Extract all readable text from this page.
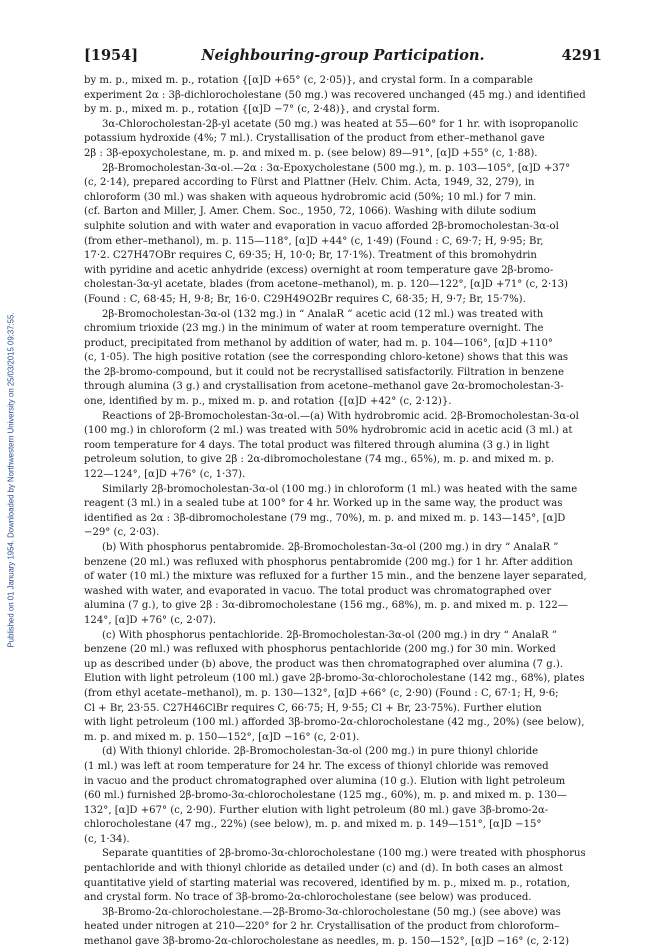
Published on 01 January 1954. Downloaded by Northwestern University on 25/03/2015 09:37:55.
[1954]	Neighbouring-group Participation.	4291
by m. p., mixed m. p., rotation {[α]D +65° (c, 2·05)}, and crystal form. In a comparable
experiment 2α : 3β-dichlorocholestane (50 mg.) was recovered unchanged (45 mg.) and identified
by m. p., mixed m. p., rotation {[α]D −7° (c, 2·48)}, and crystal form.
3α-Chlorocholestan-2β-yl acetate (50 mg.) was heated at 55—60° for 1 hr. with isopropanolic
potassium hydroxide (4%; 7 ml.). Crystallisation of the product from ether–methanol gave
2β : 3β-epoxycholestane, m. p. and mixed m. p. (see below) 89—91°, [α]D +55° (c, 1·88).
2β-Bromocholestan-3α-ol.—2α : 3α-Epoxycholestane (500 mg.), m. p. 103—105°, [α]D +37°
(c, 2·14), prepared according to Fürst and Plattner (Helv. Chim. Acta, 1949, 32, 279), in
chloroform (30 ml.) was shaken with aqueous hydrobromic acid (50%; 10 ml.) for 7 min.
(cf. Barton and Miller, J. Amer. Chem. Soc., 1950, 72, 1066). Washing with dilute sodium
sulphite solution and with water and evaporation in vacuo afforded 2β-bromocholestan-3α-ol
(from ether–methanol), m. p. 115—118°, [α]D +44° (c, 1·49) (Found : C, 69·7; H, 9·95; Br,
17·2. C27H47OBr requires C, 69·35; H, 10·0; Br, 17·1%). Treatment of this bromohydrin
with pyridine and acetic anhydride (excess) overnight at room temperature gave 2β-bromo-
cholestan-3α-yl acetate, blades (from acetone–methanol), m. p. 120—122°, [α]D +71° (c, 2·13)
(Found : C, 68·45; H, 9·8; Br, 16·0. C29H49O2Br requires C, 68·35; H, 9·7; Br, 15·7%).
2β-Bromocholestan-3α-ol (132 mg.) in “ AnalaR ” acetic acid (12 ml.) was treated with
chromium trioxide (23 mg.) in the minimum of water at room temperature overnight. The
product, precipitated from methanol by addition of water, had m. p. 104—106°, [α]D +110°
(c, 1·05). The high positive rotation (see the corresponding chloro-ketone) shows that this was
the 2β-bromo-compound, but it could not be recrystallised satisfactorily. Filtration in benzene
through alumina (3 g.) and crystallisation from acetone–methanol gave 2α-bromocholestan-3-
one, identified by m. p., mixed m. p. and rotation {[α]D +42° (c, 2·12)}.
Reactions of 2β-Bromocholestan-3α-ol.—(a) With hydrobromic acid. 2β-Bromocholestan-3α-ol
(100 mg.) in chloroform (2 ml.) was treated with 50% hydrobromic acid in acetic acid (3 ml.) at
room temperature for 4 days. The total product was filtered through alumina (3 g.) in light
petroleum solution, to give 2β : 2α-dibromocholestane (74 mg., 65%), m. p. and mixed m. p.
122—124°, [α]D +76° (c, 1·37).
Similarly 2β-bromocholestan-3α-ol (100 mg.) in chloroform (1 ml.) was heated with the same
reagent (3 ml.) in a sealed tube at 100° for 4 hr. Worked up in the same way, the product was
identified as 2α : 3β-dibromocholestane (79 mg., 70%), m. p. and mixed m. p. 143—145°, [α]D
−29° (c, 2·03).
(b) With phosphorus pentabromide. 2β-Bromocholestan-3α-ol (200 mg.) in dry “ AnalaR ”
benzene (20 ml.) was refluxed with phosphorus pentabromide (200 mg.) for 1 hr. After addition
of water (10 ml.) the mixture was refluxed for a further 15 min., and the benzene layer separated,
washed with water, and evaporated in vacuo. The total product was chromatographed over
alumina (7 g.), to give 2β : 3α-dibromocholestane (156 mg., 68%), m. p. and mixed m. p. 122—
124°, [α]D +76° (c, 2·07).
(c) With phosphorus pentachloride. 2β-Bromocholestan-3α-ol (200 mg.) in dry “ AnalaR ”
benzene (20 ml.) was refluxed with phosphorus pentachloride (200 mg.) for 30 min. Worked
up as described under (b) above, the product was then chromatographed over alumina (7 g.).
Elution with light petroleum (100 ml.) gave 2β-bromo-3α-chlorocholestane (142 mg., 68%), plates
(from ethyl acetate–methanol), m. p. 130—132°, [α]D +66° (c, 2·90) (Found : C, 67·1; H, 9·6;
Cl + Br, 23·55. C27H46ClBr requires C, 66·75; H, 9·55; Cl + Br, 23·75%). Further elution
with light petroleum (100 ml.) afforded 3β-bromo-2α-chlorocholestane (42 mg., 20%) (see below),
m. p. and mixed m. p. 150—152°, [α]D −16° (c, 2·01).
(d) With thionyl chloride. 2β-Bromocholestan-3α-ol (200 mg.) in pure thionyl chloride
(1 ml.) was left at room temperature for 24 hr. The excess of thionyl chloride was removed
in vacuo and the product chromatographed over alumina (10 g.). Elution with light petroleum
(60 ml.) furnished 2β-bromo-3α-chlorocholestane (125 mg., 60%), m. p. and mixed m. p. 130—
132°, [α]D +67° (c, 2·90). Further elution with light petroleum (80 ml.) gave 3β-bromo-2α-
chlorocholestane (47 mg., 22%) (see below), m. p. and mixed m. p. 149—151°, [α]D −15°
(c, 1·34).
Separate quantities of 2β-bromo-3α-chlorocholestane (100 mg.) were treated with phosphorus
pentachloride and with thionyl chloride as detailed under (c) and (d). In both cases an almost
quantitative yield of starting material was recovered, identified by m. p., mixed m. p., rotation,
and crystal form. No trace of 3β-bromo-2α-chlorocholestane (see below) was produced.
3β-Bromo-2α-chlorocholestane.—2β-Bromo-3α-chlorocholestane (50 mg.) (see above) was
heated under nitrogen at 210—220° for 2 hr. Crystallisation of the product from chloroform–
methanol gave 3β-bromo-2α-chlorocholestane as needles, m. p. 150—152°, [α]D −16° (c, 2·12)
